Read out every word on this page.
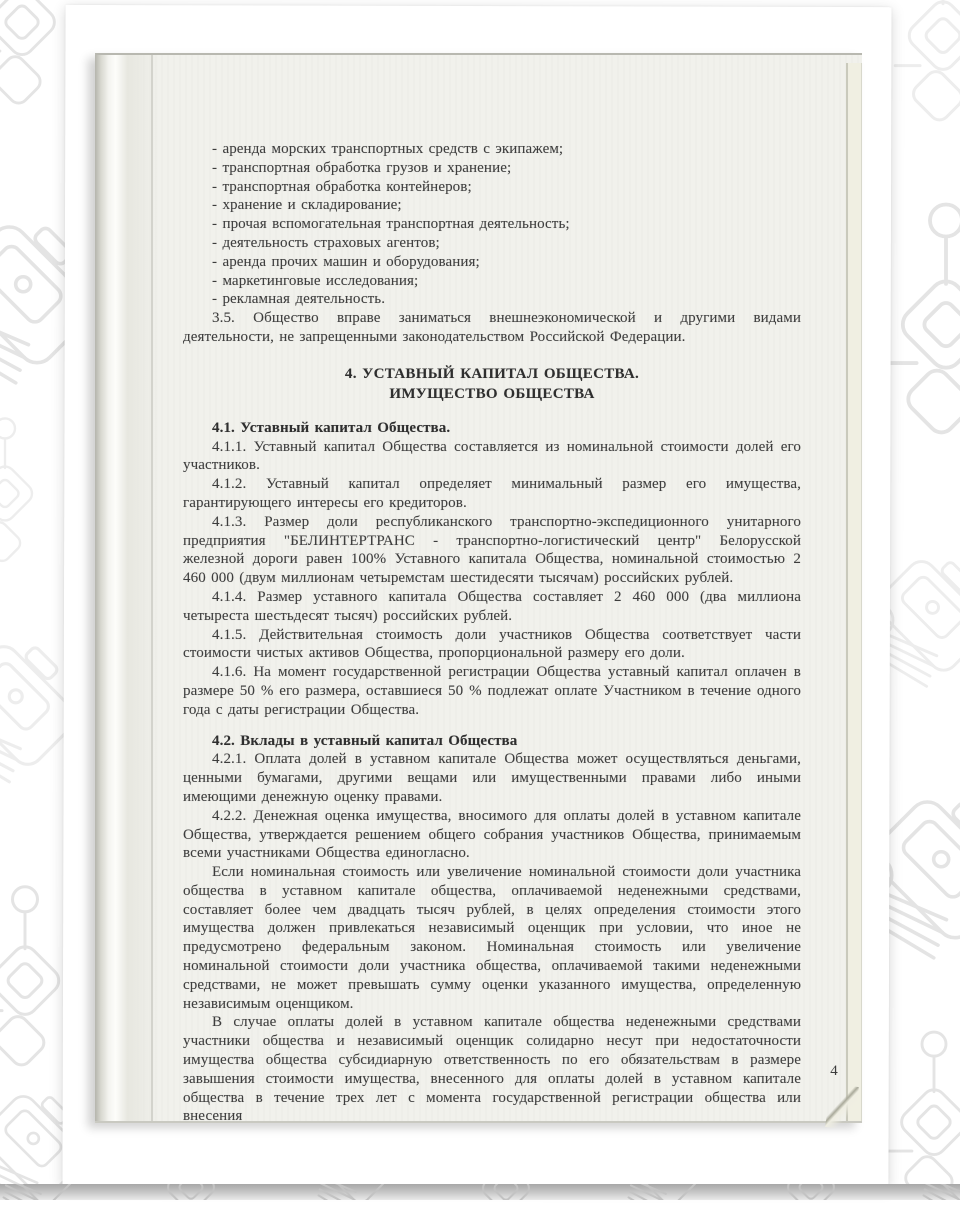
- аренда морских транспортных средств с экипажем;

- транспортная обработка грузов и хранение;

- транспортная обработка контейнеров;

- хранение и складирование;

- прочая вспомогательная транспортная деятельность;

- деятельность страховых агентов;

- аренда прочих машин и оборудования;

- маркетинговые исследования;

- рекламная деятельность.

3.5. Общество вправе заниматься внешнеэкономической и другими видами деятельности, не запрещенными законодательством Российской Федерации.

4. УСТАВНЫЙ КАПИТАЛ ОБЩЕСТВА.

ИМУЩЕСТВО ОБЩЕСТВА

4.1. Уставный капитал Общества.

4.1.1. Уставный капитал Общества составляется из номинальной стоимости долей его участников.

4.1.2. Уставный капитал определяет минимальный размер его имущества, гарантирующего интересы его кредиторов.

4.1.3. Размер доли республиканского транспортно-экспедиционного унитарного предприятия "БЕЛИНТЕРТРАНС - транспортно-логистический центр" Белорусской железной дороги равен 100% Уставного капитала Общества, номинальной стоимостью 2 460 000 (двум миллионам четыремстам шестидесяти тысячам) российских рублей.

4.1.4. Размер уставного капитала Общества составляет 2 460 000 (два миллиона четыреста шестьдесят тысяч) российских рублей.

4.1.5. Действительная стоимость доли участников Общества соответствует части стоимости чистых активов Общества, пропорциональной размеру его доли.

4.1.6. На момент государственной регистрации Общества уставный капитал оплачен в размере 50 % его размера, оставшиеся 50 % подлежат оплате Участником в течение одного года с даты регистрации Общества.

4.2. Вклады в уставный капитал Общества

4.2.1. Оплата долей в уставном капитале Общества может осуществляться деньгами, ценными бумагами, другими вещами или имущественными правами либо иными имеющими денежную оценку правами.

4.2.2. Денежная оценка имущества, вносимого для оплаты долей в уставном капитале Общества, утверждается решением общего собрания участников Общества, принимаемым всеми участниками Общества единогласно.

Если номинальная стоимость или увеличение номинальной стоимости доли участника общества в уставном капитале общества, оплачиваемой неденежными средствами, составляет более чем двадцать тысяч рублей, в целях определения стоимости этого имущества должен привлекаться независимый оценщик при условии, что иное не предусмотрено федеральным законом. Номинальная стоимость или увеличение номинальной стоимости доли участника общества, оплачиваемой такими неденежными средствами, не может превышать сумму оценки указанного имущества, определенную независимым оценщиком.

В случае оплаты долей в уставном капитале общества неденежными средствами участники общества и независимый оценщик солидарно несут при недостаточности имущества общества субсидиарную ответственность по его обязательствам в размере завышения стоимости имущества, внесенного для оплаты долей в уставном капитале общества в течение трех лет с момента государственной регистрации общества или внесения

4
